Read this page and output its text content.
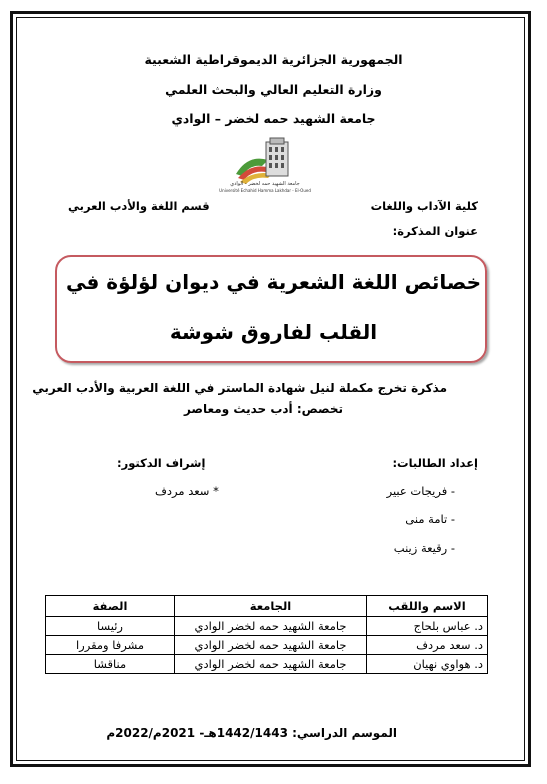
الجمهورية الجزائرية الديموقراطية الشعبية
وزارة التعليم العالي والبحث العلمي
جامعة الشهيد حمه لخضر – الوادي
جامعة الشهيد حمه لخضر - الوادي
Université Echahid Hamma Lakhdar - El-Oued
كلية الآداب واللغات
قسم اللغة والأدب العربي
عنوان المذكرة:
خصائص اللغة الشعرية في ديوان لؤلؤة في
القلب لفاروق شوشة
مذكرة تخرج مكملة لنيل شهادة الماستر في اللغة العربية والأدب العربي
تخصص: أدب حديث ومعاصر
إعداد الطالبات:
إشراف الدكتور:
- فريجات عبير
- تامة منى
- رقيعة زينب
* سعد مردف
الاسم واللقب	الجامعة	الصفة
د. عباس بلحاج	جامعة الشهيد حمه لخضر الوادي	رئيسا
د. سعد مردف	جامعة الشهيد حمه لخضر الوادي	مشرفا ومقررا
د. هواوي نهيان	جامعة الشهيد حمه لخضر الوادي	مناقشا
الموسم الدراسي: 1442/1443هـ- 2021م/2022م
